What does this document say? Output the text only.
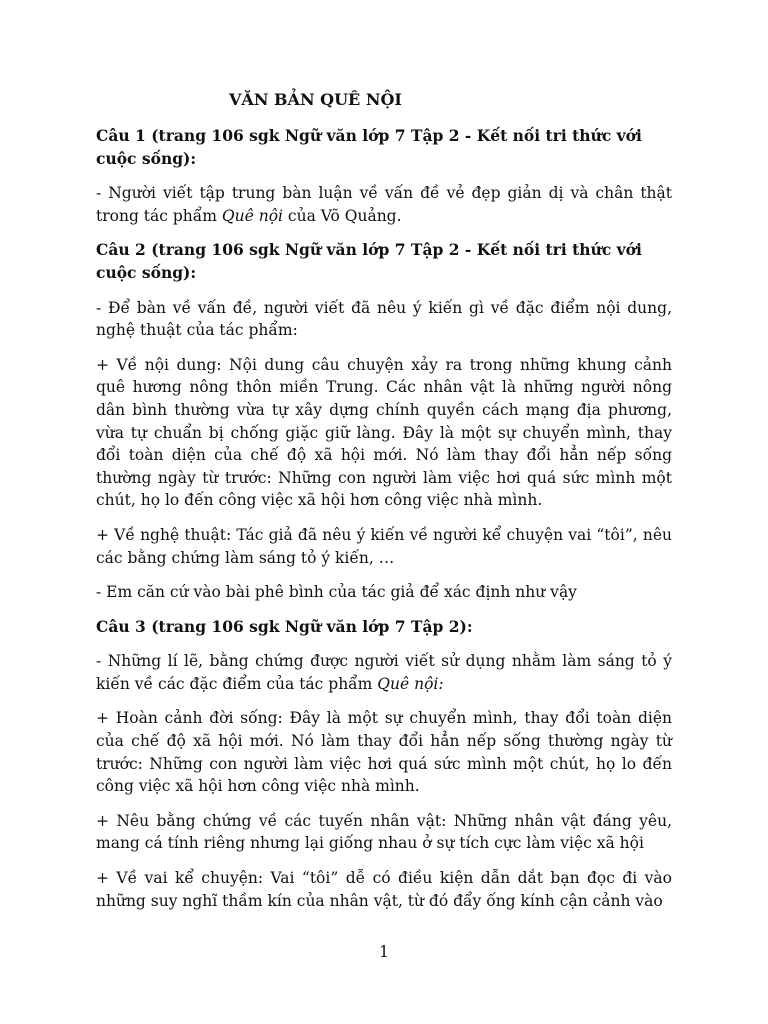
VĂN BẢN QUÊ NỘI

Câu 1 (trang 106 sgk Ngữ văn lớp 7 Tập 2 - Kết nối tri thức với cuộc sống):

- Người viết tập trung bàn luận về vấn đề vẻ đẹp giản dị và chân thật trong tác phẩm Quê nội của Võ Quảng.

Câu 2 (trang 106 sgk Ngữ văn lớp 7 Tập 2 - Kết nối tri thức với cuộc sống):

- Để bàn về vấn đề, người viết đã nêu ý kiến gì về đặc điểm nội dung, nghệ thuật của tác phẩm:

+ Về nội dung: Nội dung câu chuyện xảy ra trong những khung cảnh quê hương nông thôn miền Trung. Các nhân vật là những người nông dân bình thường vừa tự xây dựng chính quyền cách mạng địa phương, vừa tự chuẩn bị chống giặc giữ làng. Đây là một sự chuyển mình, thay đổi toàn diện của chế độ xã hội mới. Nó làm thay đổi hẳn nếp sống thường ngày từ trước: Những con người làm việc hơi quá sức mình một chút, họ lo đến công việc xã hội hơn công việc nhà mình.

+ Về nghệ thuật: Tác giả đã nêu ý kiến về người kể chuyện vai “tôi”, nêu các bằng chứng làm sáng tỏ ý kiến, …

- Em căn cứ vào bài phê bình của tác giả để xác định như vậy

Câu 3 (trang 106 sgk Ngữ văn lớp 7 Tập 2):

- Những lí lẽ, bằng chứng được người viết sử dụng nhằm làm sáng tỏ ý kiến về các đặc điểm của tác phẩm Quê nội:

+ Hoàn cảnh đời sống: Đây là một sự chuyển mình, thay đổi toàn diện của chế độ xã hội mới. Nó làm thay đổi hẳn nếp sống thường ngày từ trước: Những con người làm việc hơi quá sức mình một chút, họ lo đến công việc xã hội hơn công việc nhà mình.

+ Nêu bằng chứng về các tuyến nhân vật: Những nhân vật đáng yêu, mang cá tính riêng nhưng lại giống nhau ở sự tích cực làm việc xã hội

+ Về vai kể chuyện: Vai “tôi” dễ có điều kiện dẫn dắt bạn đọc đi vào những suy nghĩ thầm kín của nhân vật, từ đó đẩy ống kính cận cảnh vào

1
